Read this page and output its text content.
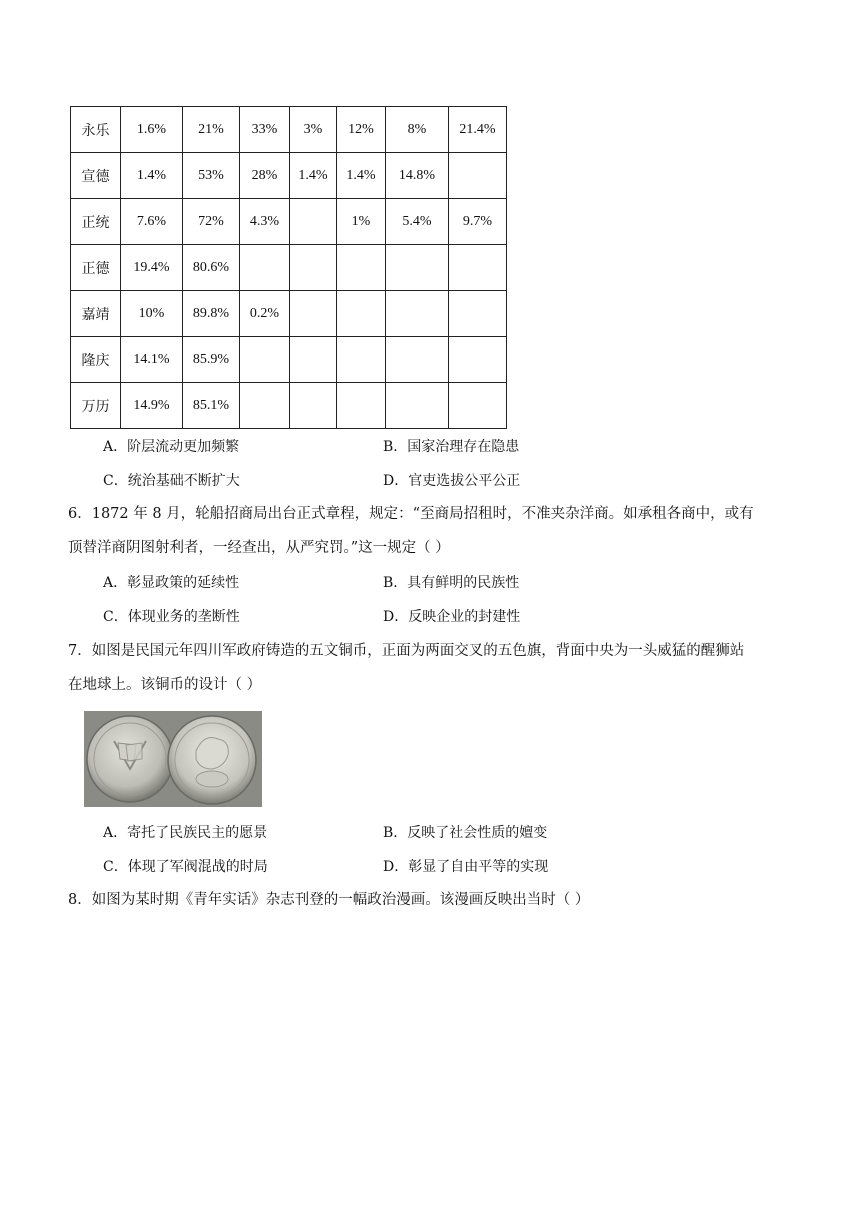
永乐	1.6%	21%	33%	3%	12%	8%	21.4%
宣德	1.4%	53%	28%	1.4%	1.4%	14.8%	
正统	7.6%	72%	4.3%		1%	5.4%	9.7%
正德	19.4%	80.6%					
嘉靖	10%	89.8%	0.2%				
隆庆	14.1%	85.9%					
万历	14.9%	85.1%					
A．阶层流动更加频繁	B．国家治理存在隐患
C．统治基础不断扩大	D．官吏选拔公平公正
6．1872 年 8 月，轮船招商局出台正式章程，规定：“至商局招租时，不准夹杂洋商。如承租各商中，或有
顶替洋商阴图射利者，一经查出，从严究罚。”这一规定（ ）
A．彰显政策的延续性	B．具有鲜明的民族性
C．体现业务的垄断性	D．反映企业的封建性
7．如图是民国元年四川军政府铸造的五文铜币，正面为两面交叉的五色旗，背面中央为一头威猛的醒狮站
在地球上。该铜币的设计（ ）
A．寄托了民族民主的愿景	B．反映了社会性质的嬗变
C．体现了军阀混战的时局	D．彰显了自由平等的实现
8．如图为某时期《青年实话》杂志刊登的一幅政治漫画。该漫画反映出当时（ ）
